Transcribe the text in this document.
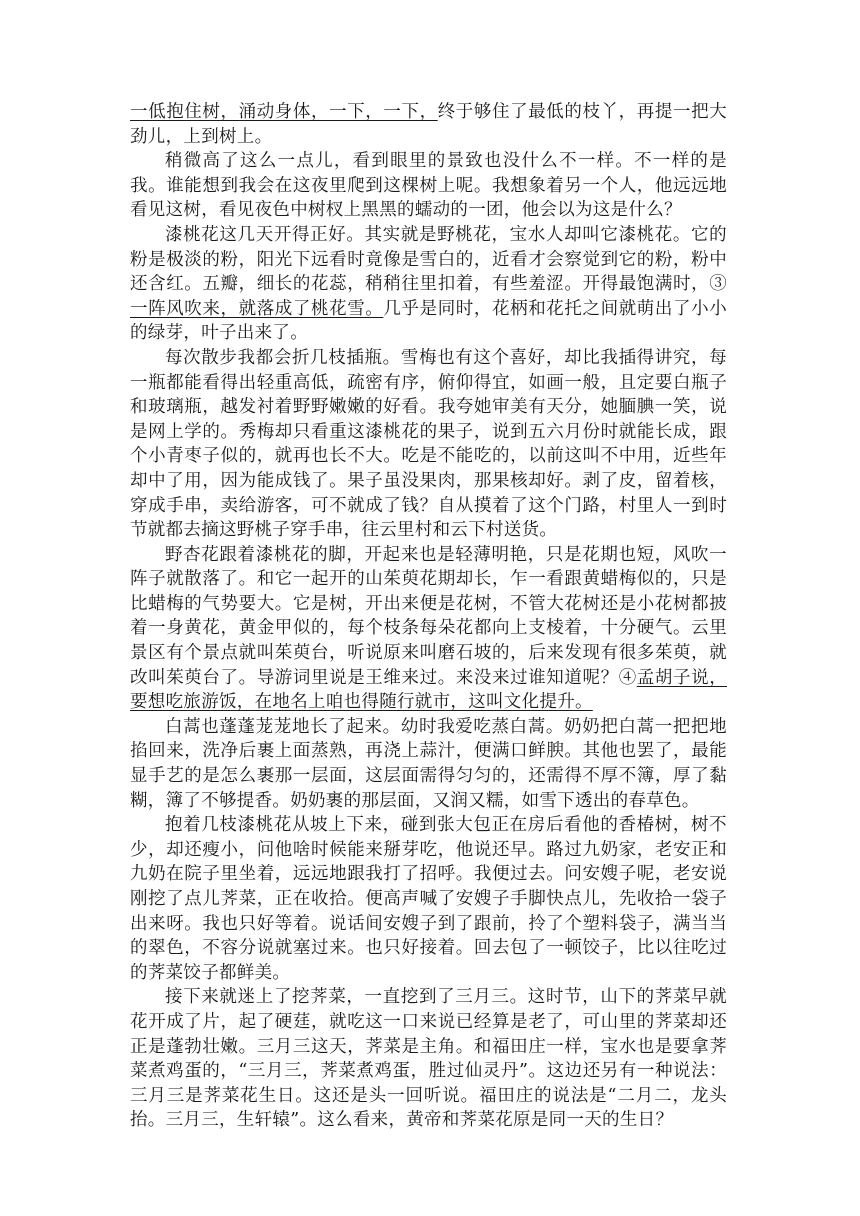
一低抱住树，涌动身体，一下，一下，终于够住了最低的枝丫，再提一把大劲儿，上到树上。

稍微高了这么一点儿，看到眼里的景致也没什么不一样。不一样的是我。谁能想到我会在这夜里爬到这棵树上呢。我想象着另一个人，他远远地看见这树，看见夜色中树杈上黑黑的蠕动的一团，他会以为这是什么？

漆桃花这几天开得正好。其实就是野桃花，宝水人却叫它漆桃花。它的粉是极淡的粉，阳光下远看时竟像是雪白的，近看才会察觉到它的粉，粉中还含红。五瓣，细长的花蕊，稍稍往里扣着，有些羞涩。开得最饱满时，③一阵风吹来，就落成了桃花雪。几乎是同时，花柄和花托之间就萌出了小小的绿芽，叶子出来了。

每次散步我都会折几枝插瓶。雪梅也有这个喜好，却比我插得讲究，每一瓶都能看得出轻重高低，疏密有序，俯仰得宜，如画一般，且定要白瓶子和玻璃瓶，越发衬着野野嫩嫩的好看。我夸她审美有天分，她腼腆一笑，说是网上学的。秀梅却只看重这漆桃花的果子，说到五六月份时就能长成，跟个小青枣子似的，就再也长不大。吃是不能吃的，以前这叫不中用，近些年却中了用，因为能成钱了。果子虽没果肉，那果核却好。剥了皮，留着核，穿成手串，卖给游客，可不就成了钱？自从摸着了这个门路，村里人一到时节就都去摘这野桃子穿手串，往云里村和云下村送货。

野杏花跟着漆桃花的脚，开起来也是轻薄明艳，只是花期也短，风吹一阵子就散落了。和它一起开的山茱萸花期却长，乍一看跟黄蜡梅似的，只是比蜡梅的气势要大。它是树，开出来便是花树，不管大花树还是小花树都披着一身黄花，黄金甲似的，每个枝条每朵花都向上支棱着，十分硬气。云里景区有个景点就叫茱萸台，听说原来叫磨石坡的，后来发现有很多茱萸，就改叫茱萸台了。导游词里说是王维来过。来没来过谁知道呢？④孟胡子说，要想吃旅游饭，在地名上咱也得随行就市，这叫文化提升。

白蒿也蓬蓬茏茏地长了起来。幼时我爱吃蒸白蒿。奶奶把白蒿一把把地掐回来，洗净后裹上面蒸熟，再浇上蒜汁，便满口鲜腴。其他也罢了，最能显手艺的是怎么裹那一层面，这层面需得匀匀的，还需得不厚不簿，厚了黏糊，簿了不够提香。奶奶裹的那层面，又润又糯，如雪下透出的春草色。

抱着几枝漆桃花从坡上下来，碰到张大包正在房后看他的香椿树，树不少，却还瘦小，问他啥时候能来掰芽吃，他说还早。路过九奶家，老安正和九奶在院子里坐着，远远地跟我打了招呼。我便过去。问安嫂子呢，老安说刚挖了点儿荠菜，正在收拾。便高声喊了安嫂子手脚快点儿，先收拾一袋子出来呀。我也只好等着。说话间安嫂子到了跟前，拎了个塑料袋子，满当当的翠色，不容分说就塞过来。也只好接着。回去包了一顿饺子，比以往吃过的荠菜饺子都鲜美。

接下来就迷上了挖荠菜，一直挖到了三月三。这时节，山下的荠菜早就花开成了片，起了硬莛，就吃这一口来说已经算是老了，可山里的荠菜却还正是蓬勃壮嫩。三月三这天，荠菜是主角。和福田庄一样，宝水也是要拿荠菜煮鸡蛋的，“三月三，荠菜煮鸡蛋，胜过仙灵丹”。这边还另有一种说法：三月三是荠菜花生日。这还是头一回听说。福田庄的说法是“二月二，龙头抬。三月三，生轩辕”。这么看来，黄帝和荠菜花原是同一天的生日？
